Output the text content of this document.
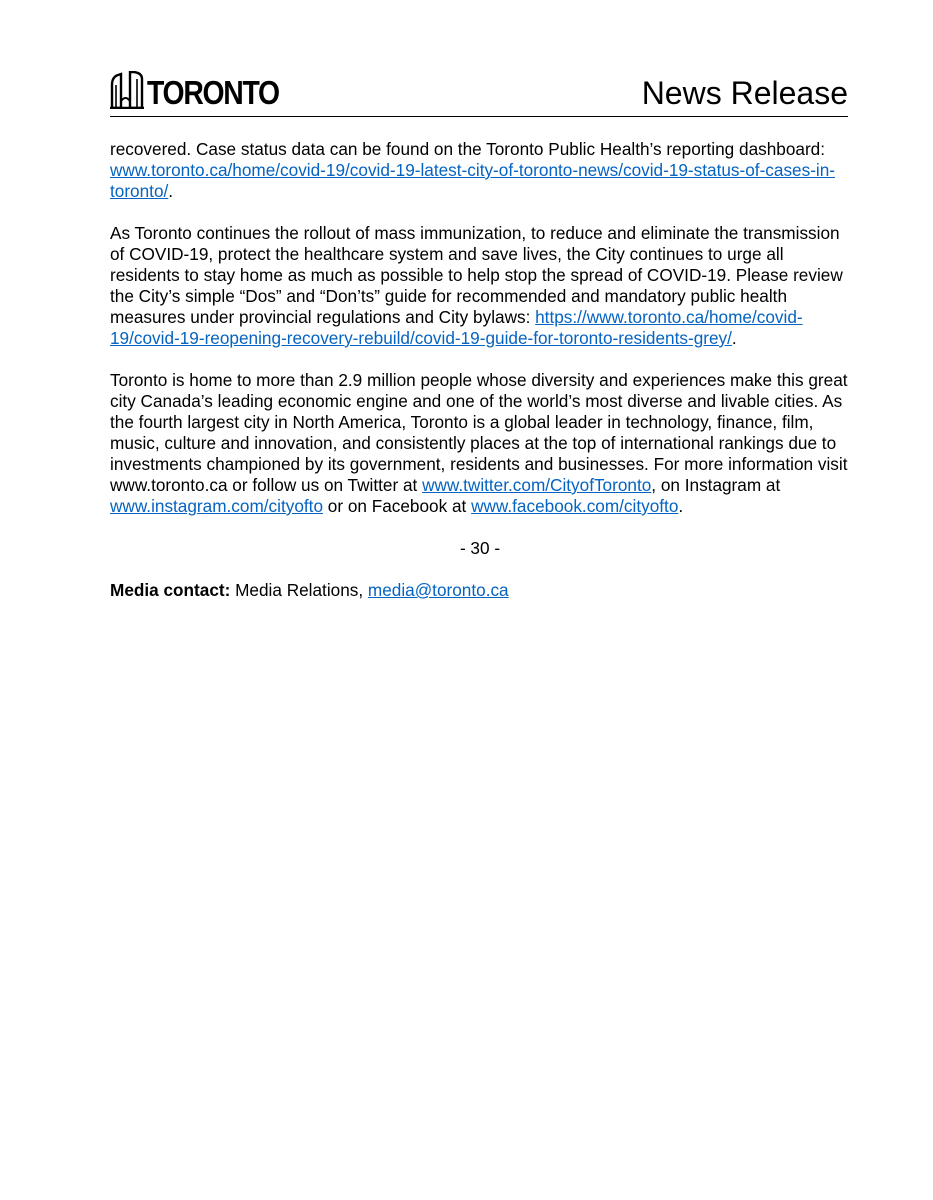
TORONTO	News Release

recovered. Case status data can be found on the Toronto Public Health’s reporting dashboard: www.toronto.ca/home/covid-19/covid-19-latest-city-of-toronto-news/covid-19-status-of-cases-in-toronto/.

As Toronto continues the rollout of mass immunization, to reduce and eliminate the transmission of COVID-19, protect the healthcare system and save lives, the City continues to urge all residents to stay home as much as possible to help stop the spread of COVID-19. Please review the City’s simple “Dos” and “Don’ts” guide for recommended and mandatory public health measures under provincial regulations and City bylaws: https://www.toronto.ca/home/covid-19/covid-19-reopening-recovery-rebuild/covid-19-guide-for-toronto-residents-grey/.

Toronto is home to more than 2.9 million people whose diversity and experiences make this great city Canada’s leading economic engine and one of the world’s most diverse and livable cities. As the fourth largest city in North America, Toronto is a global leader in technology, finance, film, music, culture and innovation, and consistently places at the top of international rankings due to investments championed by its government, residents and businesses. For more information visit www.toronto.ca or follow us on Twitter at www.twitter.com/CityofToronto, on Instagram at www.instagram.com/cityofto or on Facebook at www.facebook.com/cityofto.

- 30 -

Media contact: Media Relations, media@toronto.ca
